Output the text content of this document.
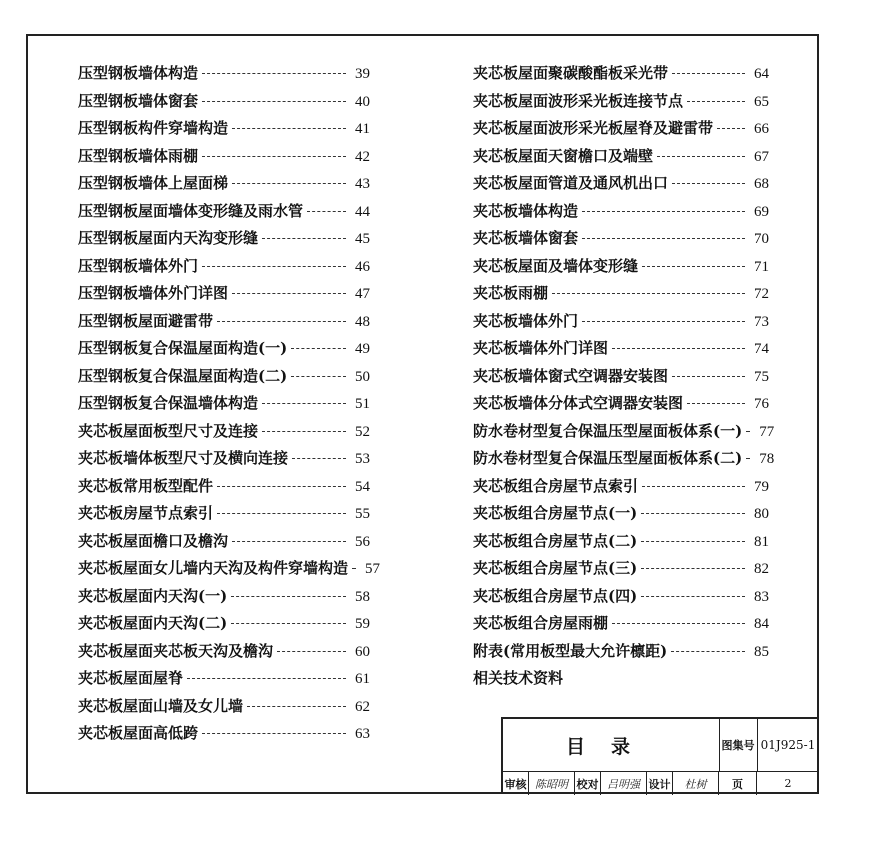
压型钢板墙体构造	39
压型钢板墙体窗套	40
压型钢板构件穿墙构造	41
压型钢板墙体雨棚	42
压型钢板墙体上屋面梯	43
压型钢板屋面墙体变形缝及雨水管	44
压型钢板屋面内天沟变形缝	45
压型钢板墙体外门	46
压型钢板墙体外门详图	47
压型钢板屋面避雷带	48
压型钢板复合保温屋面构造(一)	49
压型钢板复合保温屋面构造(二)	50
压型钢板复合保温墙体构造	51
夹芯板屋面板型尺寸及连接	52
夹芯板墙体板型尺寸及横向连接	53
夹芯板常用板型配件	54
夹芯板房屋节点索引	55
夹芯板屋面檐口及檐沟	56
夹芯板屋面女儿墙内天沟及构件穿墙构造 57
夹芯板屋面内天沟(一)	58
夹芯板屋面内天沟(二)	59
夹芯板屋面夹芯板天沟及檐沟	60
夹芯板屋面屋脊	61
夹芯板屋面山墙及女儿墙	62
夹芯板屋面高低跨	63
夹芯板屋面聚碳酸酯板采光带	64
夹芯板屋面波形采光板连接节点	65
夹芯板屋面波形采光板屋脊及避雷带	66
夹芯板屋面天窗檐口及端壁	67
夹芯板屋面管道及通风机出口	68
夹芯板墙体构造	69
夹芯板墙体窗套	70
夹芯板屋面及墙体变形缝	71
夹芯板雨棚	72
夹芯板墙体外门	73
夹芯板墙体外门详图	74
夹芯板墙体窗式空调器安装图	75
夹芯板墙体分体式空调器安装图	76
防水卷材型复合保温压型屋面板体系(一) 77
防水卷材型复合保温压型屋面板体系(二) 78
夹芯板组合房屋节点索引	79
夹芯板组合房屋节点(一)	80
夹芯板组合房屋节点(二)	81
夹芯板组合房屋节点(三)	82
夹芯板组合房屋节点(四)	83
夹芯板组合房屋雨棚	84
附表(常用板型最大允许檩距)	85
相关技术资料
目录	图集号 01J925-1
审核 陈昭明 校对 吕明强 设计	杜树	页	2
